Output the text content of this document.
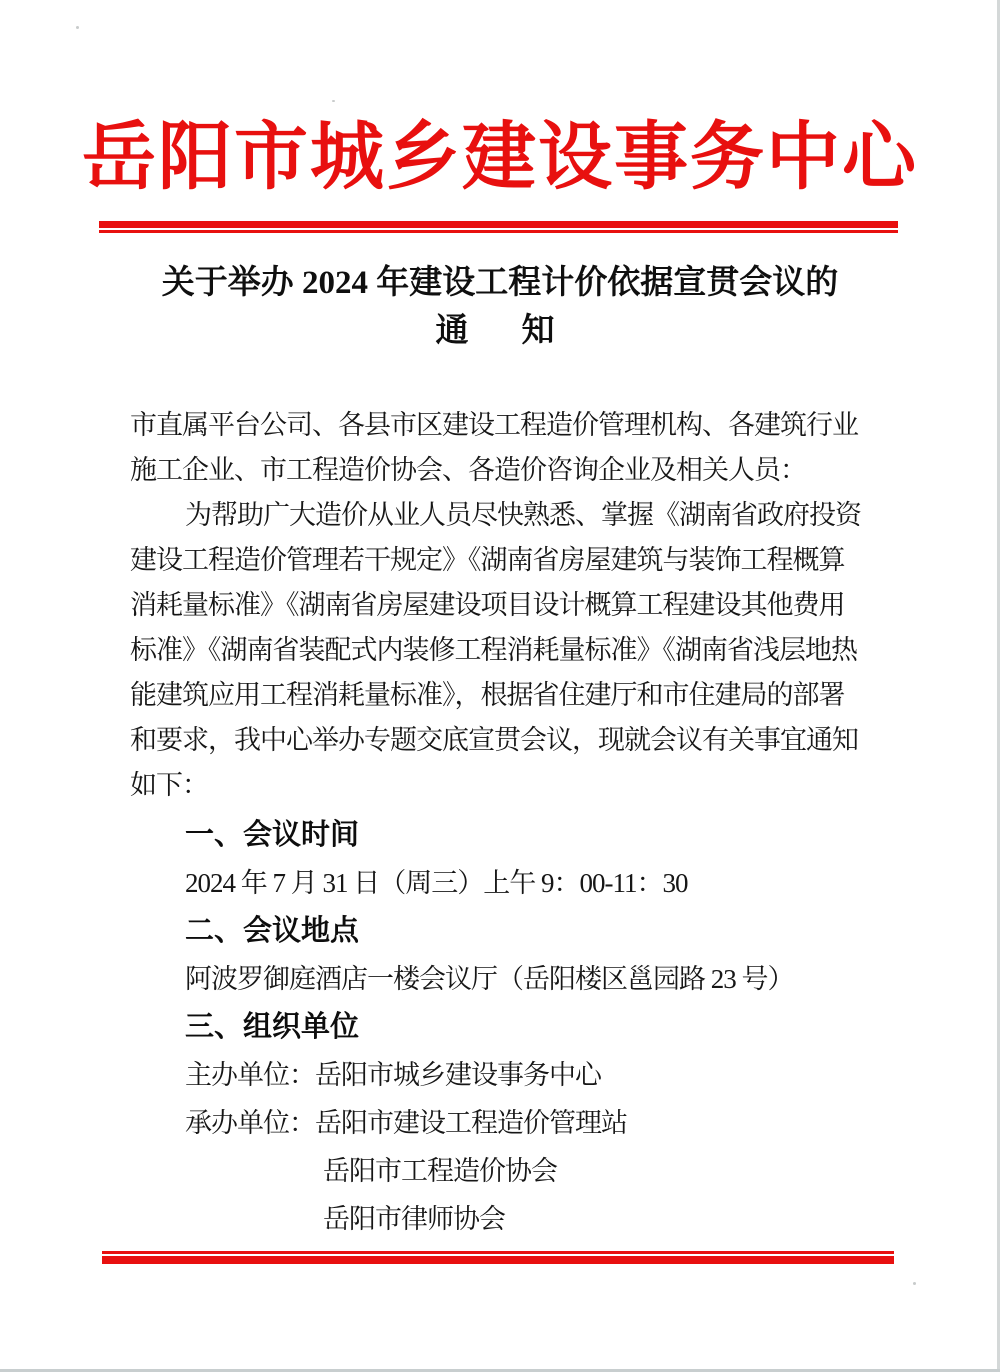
岳阳市城乡建设事务中心
关于举办 2024 年建设工程计价依据宣贯会议的
通　知
市直属平台公司、各县市区建设工程造价管理机构、各建筑行业
施工企业、市工程造价协会、各造价咨询企业及相关人员：
为帮助广大造价从业人员尽快熟悉、掌握《湖南省政府投资
建设工程造价管理若干规定》《湖南省房屋建筑与装饰工程概算
消耗量标准》《湖南省房屋建设项目设计概算工程建设其他费用
标准》《湖南省装配式内装修工程消耗量标准》《湖南省浅层地热
能建筑应用工程消耗量标准》，根据省住建厅和市住建局的部署
和要求，我中心举办专题交底宣贯会议，现就会议有关事宜通知
如下：
一、会议时间
2024 年 7 月 31 日（周三）上午 9：00-11：30
二、会议地点
阿波罗御庭酒店一楼会议厅（岳阳楼区邕园路 23 号）
三、组织单位
主办单位：岳阳市城乡建设事务中心
承办单位：岳阳市建设工程造价管理站
岳阳市工程造价协会
岳阳市律师协会
